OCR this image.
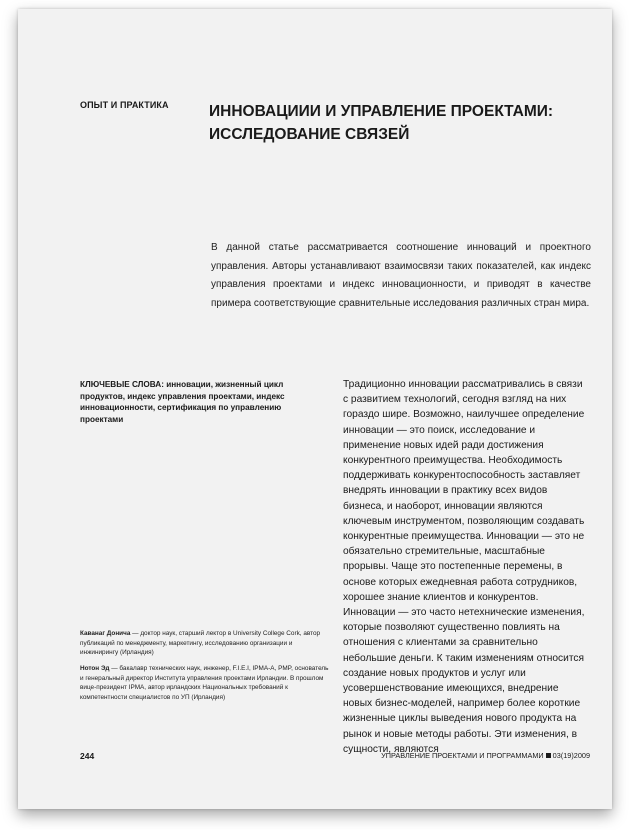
ОПЫТ И ПРАКТИКА	ИННОВАЦИИИ И УПРАВЛЕНИЕ ПРОЕКТАМИ:
ИССЛЕДОВАНИЕ СВЯЗЕЙ
В данной статье рассматривается соотношение инноваций и проектного управления. Авторы устанавливают взаимосвязи таких показателей, как индекс управления проектами и индекс инновационности, и приводят в качестве примера соответствующие сравнительные исследования различных стран мира.
КЛЮЧЕВЫЕ СЛОВА: инновации, жизненный цикл продуктов, индекс управления проектами, индекс инновационности, сертификация по управлению проектами
Традиционно инновации рассматривались в связи с развитием технологий, сегодня взгляд на них гораздо шире. Возможно, наилучшее определение инновации — это поиск, исследование и применение новых идей ради достижения конкурентного преимущества. Необходимость поддерживать конкурентоспособность заставляет внедрять инновации в практику всех видов бизнеса, и наоборот, инновации являются ключевым инструментом, позволяющим создавать конкурентные преимущества. Инновации — это не обязательно стремительные, масштабные прорывы. Чаще это постепенные перемены, в основе которых ежедневная работа сотрудников, хорошее знание клиентов и конкурентов. Инновации — это часто нетехнические изменения, которые позволяют существенно повлиять на отношения с клиентами за сравнительно небольшие деньги. К таким изменениям относится создание новых продуктов и услуг или усовершенствование имеющихся, внедрение новых бизнес-моделей, например более короткие жизненные циклы выведения нового продукта на рынок и новые методы работы. Эти изменения, в сущности, являются
Каванаг Донича — доктор наук, старший лектор в University College Cork, автор публикаций по менеджменту, маркетингу, исследованию организации и инжинирингу (Ирландия)
Нотон Эд — бакалавр технических наук, инженер, F.I.E.I, IPMA-A, PMP, основатель и генеральный директор Института управления проектами Ирландии. В прошлом вице-президент IPMA, автор ирландских Национальных требований к компетентности специалистов по УП (Ирландия)
244	УПРАВЛЕНИЕ ПРОЕКТАМИ И ПРОГРАММАМИ 03(19)2009
